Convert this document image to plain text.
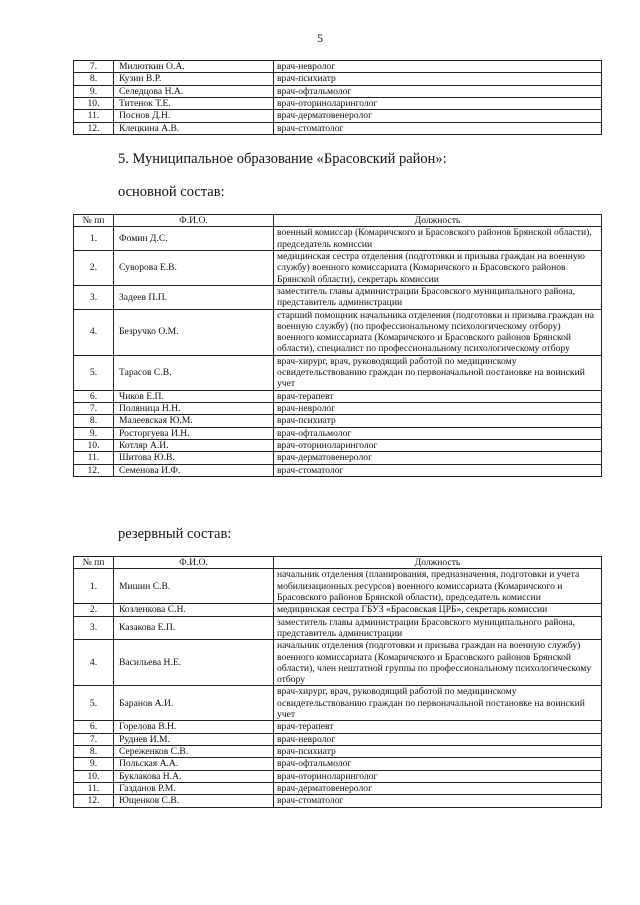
5
7.	Милюткин О.А.	врач-невролог
8.	Кузин В.Р.	врач-психиатр
9.	Селедцова Н.А.	врач-офтальмолог
10.	Титенок Т.Е.	врач-оториноларинголог
11.	Поснов Д.Н.	врач-дерматовенеролог
12.	Клецкина А.В.	врач-стоматолог
5. Муниципальное образование «Брасовский район»:
основной состав:
№ пп	Ф.И.О.	Должность
1.	Фомин Д.С.	военный комиссар (Комаричского и Брасовского районов Брянской области), председатель комиссии
2.	Суворова Е.В.	медицинская сестра отделения (подготовки и призыва граждан на военную службу) военного комиссариата (Комаричского и Брасовского районов Брянской области), секретарь комиссии
3.	Задеев П.П.	заместитель главы администрации Брасовского муниципального района, представитель администрации
4.	Безручко О.М.	старший помощник начальника отделения (подготовки и призыва граждан на военную службу) (по профессиональному психологическому отбору) военного комиссариата (Комаричского и Брасовского районов Брянской области), специалист по профессиональному психологическому отбору
5.	Тарасов С.В.	врач-хирург, врач, руководящий работой по медицинскому освидетельствованию граждан по первоначальной постановке на воинский учет
6.	Чиков Е.П.	врач-терапевт
7.	Поляница Н.Н.	врач-невролог
8.	Малеевская Ю.М.	врач-психиатр
9.	Росторгуева И.Н.	врач-офтальмолог
10.	Котляр А.И.	врач-оториноларинголог
11.	Шитова Ю.В.	врач-дерматовенеролог
12.	Семенова И.Ф.	врач-стоматолог
резервный состав:
№ пп	Ф.И.О.	Должность
1.	Мишин С.В.	начальник отделения (планирования, предназначения, подготовки и учета мобилизационных ресурсов) военного комиссариата (Комаричского и Брасовского районов Брянской области), председатель комиссии
2.	Козленкова С.Н.	медицинская сестра ГБУЗ «Брасовская ЦРБ», секретарь комиссии
3.	Казакова Е.П.	заместитель главы администрации Брасовского муниципального района, представитель администрации
4.	Васильева Н.Е.	начальник отделения (подготовки и призыва граждан на военную службу) военного комиссариата (Комаричского и Брасовского районов Брянской области), член нештатной группы по профессиональному психологическому отбору
5.	Баранов А.И.	врач-хирург, врач, руководящий работой по медицинскому освидетельствованию граждан по первоначальной постановке на воинский учет
6.	Горелова В.Н.	врач-терапевт
7.	Руднев И.М.	врач-невролог
8.	Сереженков С.В.	врач-психиатр
9.	Польская А.А.	врач-офтальмолог
10.	Буклакова Н.А.	врач-оториноларинголог
11.	Газданов Р.М.	врач-дерматовенеролог
12.	Ющенков С.В.	врач-стоматолог
